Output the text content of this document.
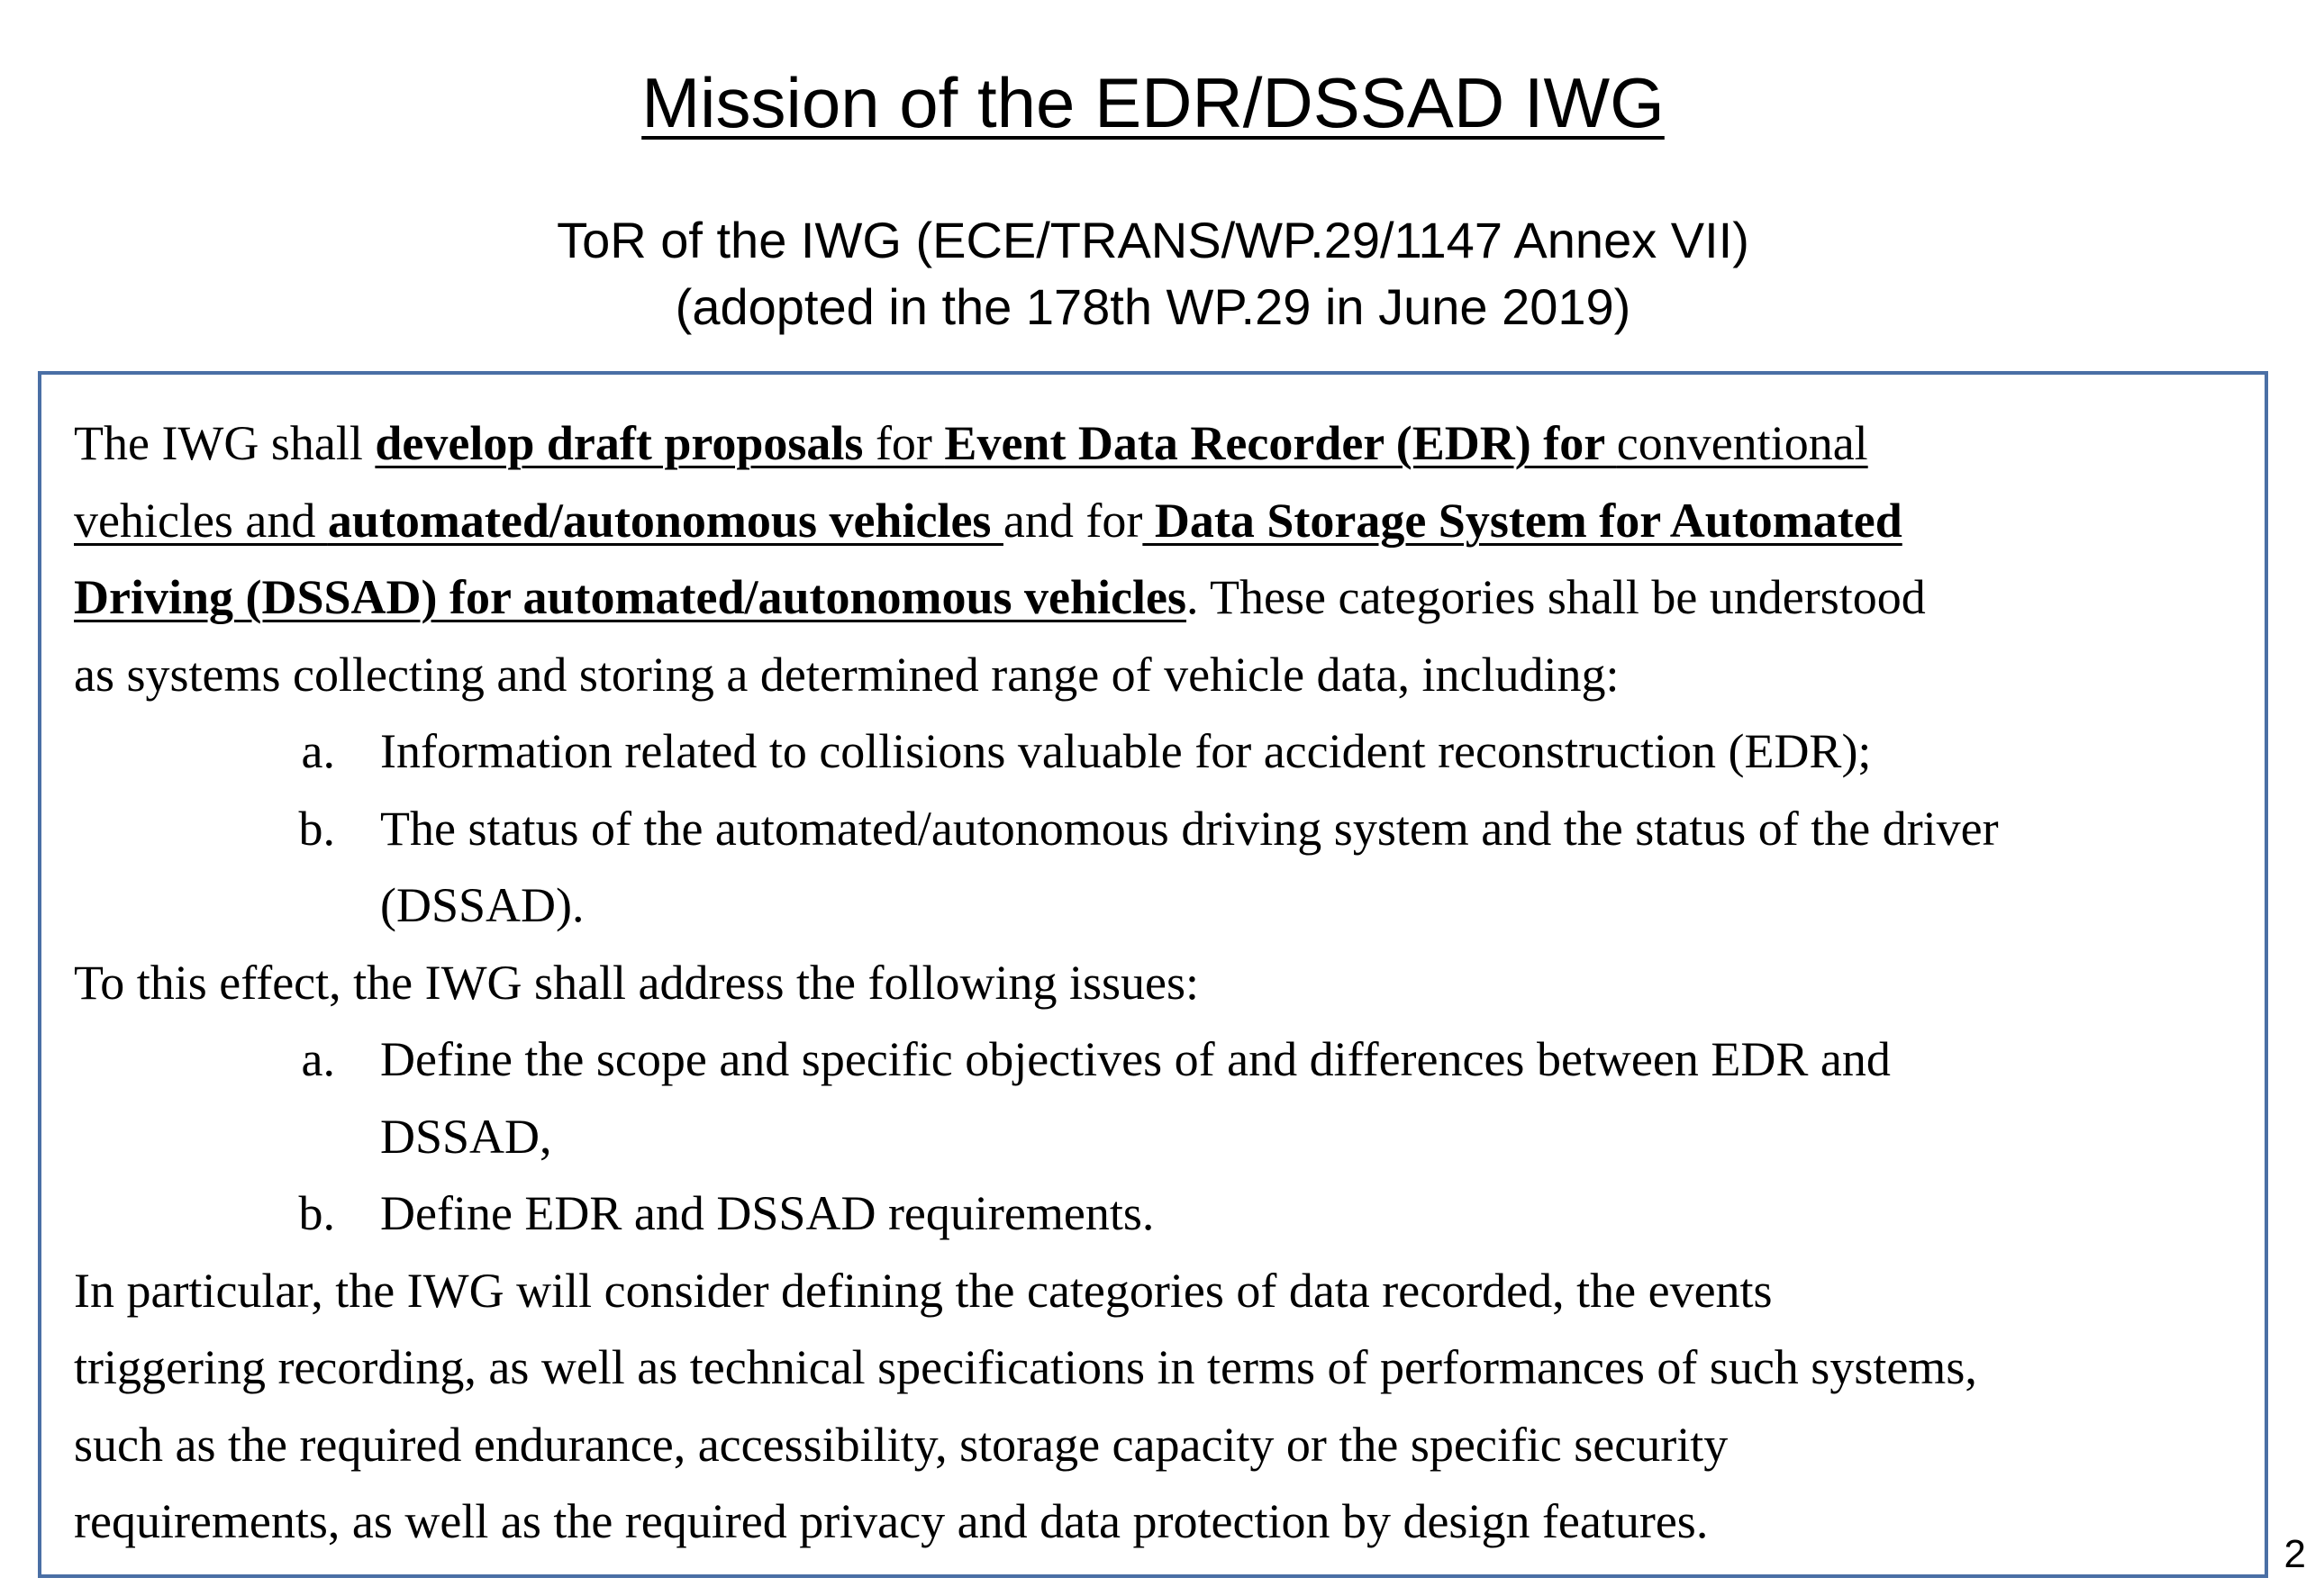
Mission of the EDR/DSSAD IWG
ToR of the IWG (ECE/TRANS/WP.29/1147 Annex VII)
(adopted in the 178th WP.29 in June 2019)
The IWG shall develop draft proposals for Event Data Recorder (EDR) for conventional
vehicles and automated/autonomous vehicles and for Data Storage System for Automated
Driving (DSSAD) for automated/autonomous vehicles. These categories shall be understood
as systems collecting and storing a determined range of vehicle data, including:
a. Information related to collisions valuable for accident reconstruction (EDR);
b. The status of the automated/autonomous driving system and the status of the driver
(DSSAD).
To this effect, the IWG shall address the following issues:
a. Define the scope and specific objectives of and differences between EDR and
DSSAD,
b. Define EDR and DSSAD requirements.
In particular, the IWG will consider defining the categories of data recorded, the events
triggering recording, as well as technical specifications in terms of performances of such systems,
such as the required endurance, accessibility, storage capacity or the specific security
requirements, as well as the required privacy and data protection by design features.
2
